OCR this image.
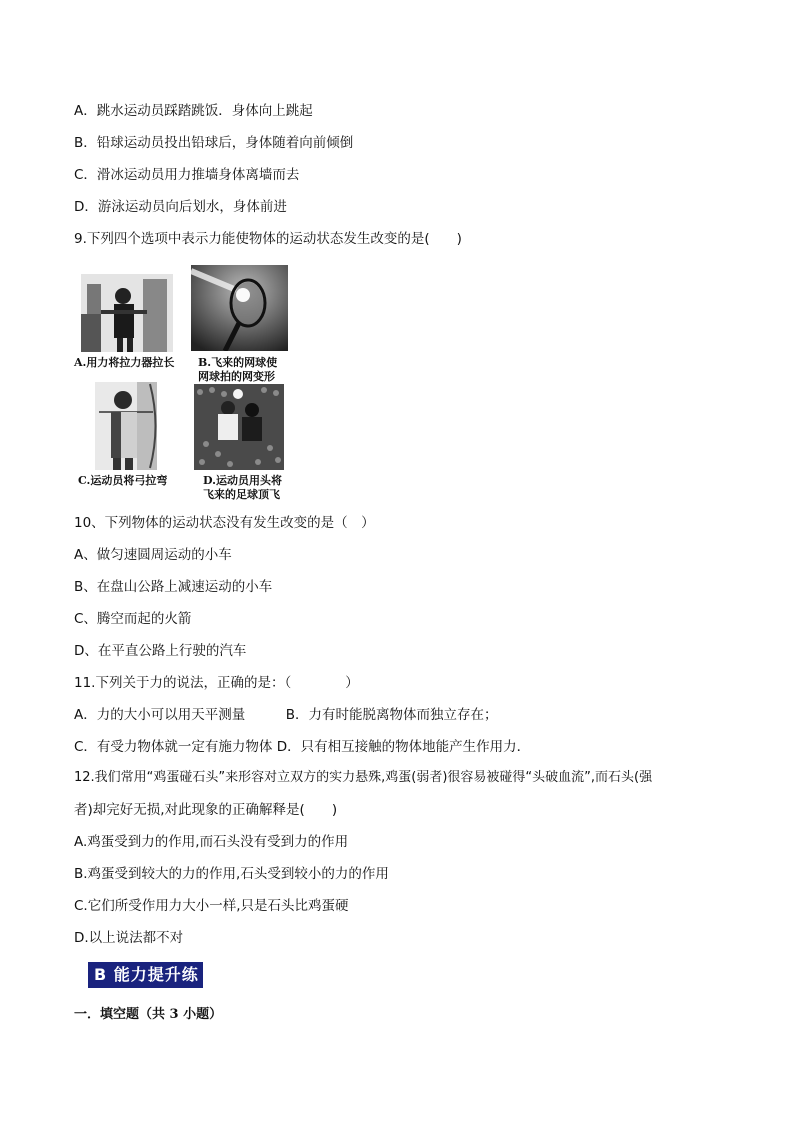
A．跳水运动员踩踏跳饭．身体向上跳起
B．铅球运动员投出铅球后，身体随着向前倾倒
C．滑冰运动员用力推墙身体离墙而去
D．游泳运动员向后划水，身体前进
9.下列四个选项中表示力能使物体的运动状态发生改变的是(　　)
A.用力将拉力器拉长 B.飞来的网球使
网球拍的网变形
C.运动员将弓拉弯	D.运动员用头将
飞来的足球顶飞
10、下列物体的运动状态没有发生改变的是（　）
A、做匀速圆周运动的小车
B、在盘山公路上减速运动的小车
C、腾空而起的火箭
D、在平直公路上行驶的汽车
11.下列关于力的说法，正确的是：（　　　　）
A．力的大小可以用天平测量　　　B．力有时能脱离物体而独立存在；
C．有受力物体就一定有施力物体 D．只有相互接触的物体地能产生作用力．
12.我们常用“鸡蛋碰石头”来形容对立双方的实力悬殊,鸡蛋(弱者)很容易被碰得“头破血流”,而石头(强
者)却完好无损,对此现象的正确解释是(　　)
A.鸡蛋受到力的作用,而石头没有受到力的作用
B.鸡蛋受到较大的力的作用,石头受到较小的力的作用
C.它们所受作用力大小一样,只是石头比鸡蛋硬
D.以上说法都不对
B 能力提升练
一．填空题（共 3 小题）
